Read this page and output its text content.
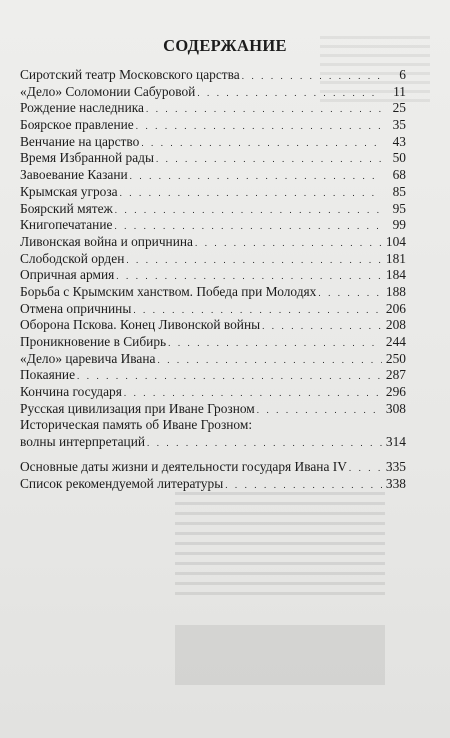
СОДЕРЖАНИЕ
Сиротский театр Московского царства . . .	6
«Дело» Соломонии Сабуровой . . .	11
Рождение наследника . . .	25
Боярское правление . . .	35
Венчание на царство . . .	43
Время Избранной рады . . .	50
Завоевание Казани . . .	68
Крымская угроза . . .	85
Боярский мятеж . . .	95
Книгопечатание . . .	99
Ливонская война и опричнина . . .	104
Слободской орден . . .	181
Опричная армия . . .	184
Борьба с Крымским ханством. Победа при Молодях . . .	188
Отмена опричнины . . .	206
Оборона Пскова. Конец Ливонской войны . . .	208
Проникновение в Сибирь . . .	244
«Дело» царевича Ивана . . .	250
Покаяние . . .	287
Кончина государя . . .	296
Русская цивилизация при Иване Грозном . . .	308
Историческая память об Иване Грозном:
волны интерпретаций . . .	314
Основные даты жизни и деятельности государя Ивана IV . . .	335
Список рекомендуемой литературы . . .	338
